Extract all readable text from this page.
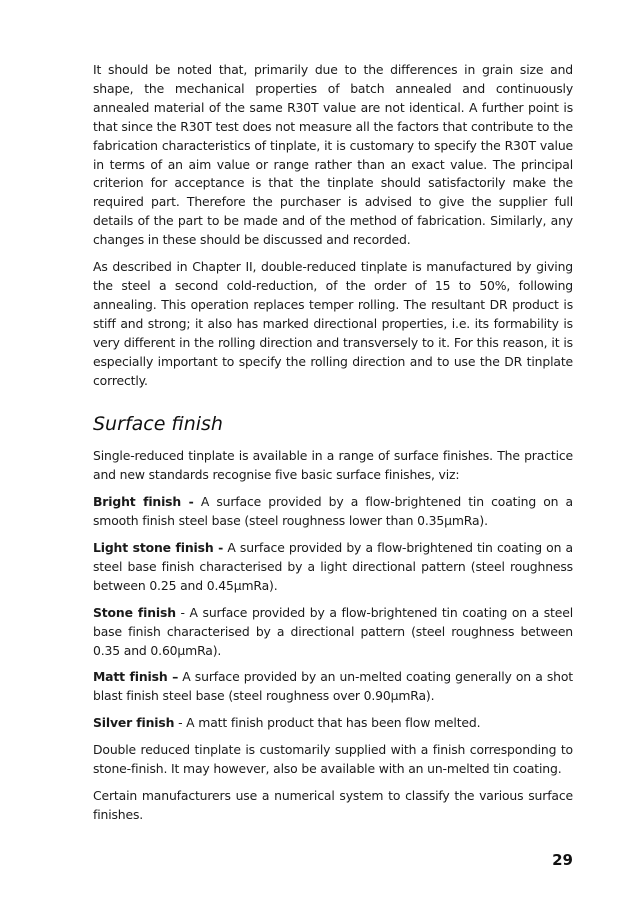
It should be noted that, primarily due to the differences in grain size and shape, the mechanical properties of batch annealed and continuously annealed material of the same R30T value are not identical. A further point is that since the R30T test does not measure all the factors that contribute to the fabrication characteristics of tinplate, it is customary to specify the R30T value in terms of an aim value or range rather than an exact value. The principal criterion for acceptance is that the tinplate should satisfactorily make the required part. Therefore the purchaser is advised to give the supplier full details of the part to be made and of the method of fabrication. Similarly, any changes in these should be discussed and recorded.

As described in Chapter II, double-reduced tinplate is manufactured by giving the steel a second cold-reduction, of the order of 15 to 50%, following annealing. This operation replaces temper rolling. The resultant DR product is stiff and strong; it also has marked directional properties, i.e. its formability is very different in the rolling direction and transversely to it. For this reason, it is especially important to specify the rolling direction and to use the DR tinplate correctly.

Surface finish

Single-reduced tinplate is available in a range of surface finishes. The practice and new standards recognise five basic surface finishes, viz:

Bright finish - A surface provided by a flow-brightened tin coating on a smooth finish steel base (steel roughness lower than 0.35µmRa).

Light stone finish - A surface provided by a flow-brightened tin coating on a steel base finish characterised by a light directional pattern (steel roughness between 0.25 and 0.45µmRa).

Stone finish - A surface provided by a flow-brightened tin coating on a steel base finish characterised by a directional pattern (steel roughness between 0.35 and 0.60µmRa).

Matt finish – A surface provided by an un-melted coating generally on a shot blast finish steel base (steel roughness over 0.90µmRa).

Silver finish - A matt finish product that has been flow melted.

Double reduced tinplate is customarily supplied with a finish corresponding to stone-finish. It may however, also be available with an un-melted tin coating.

Certain manufacturers use a numerical system to classify the various surface finishes.

29
